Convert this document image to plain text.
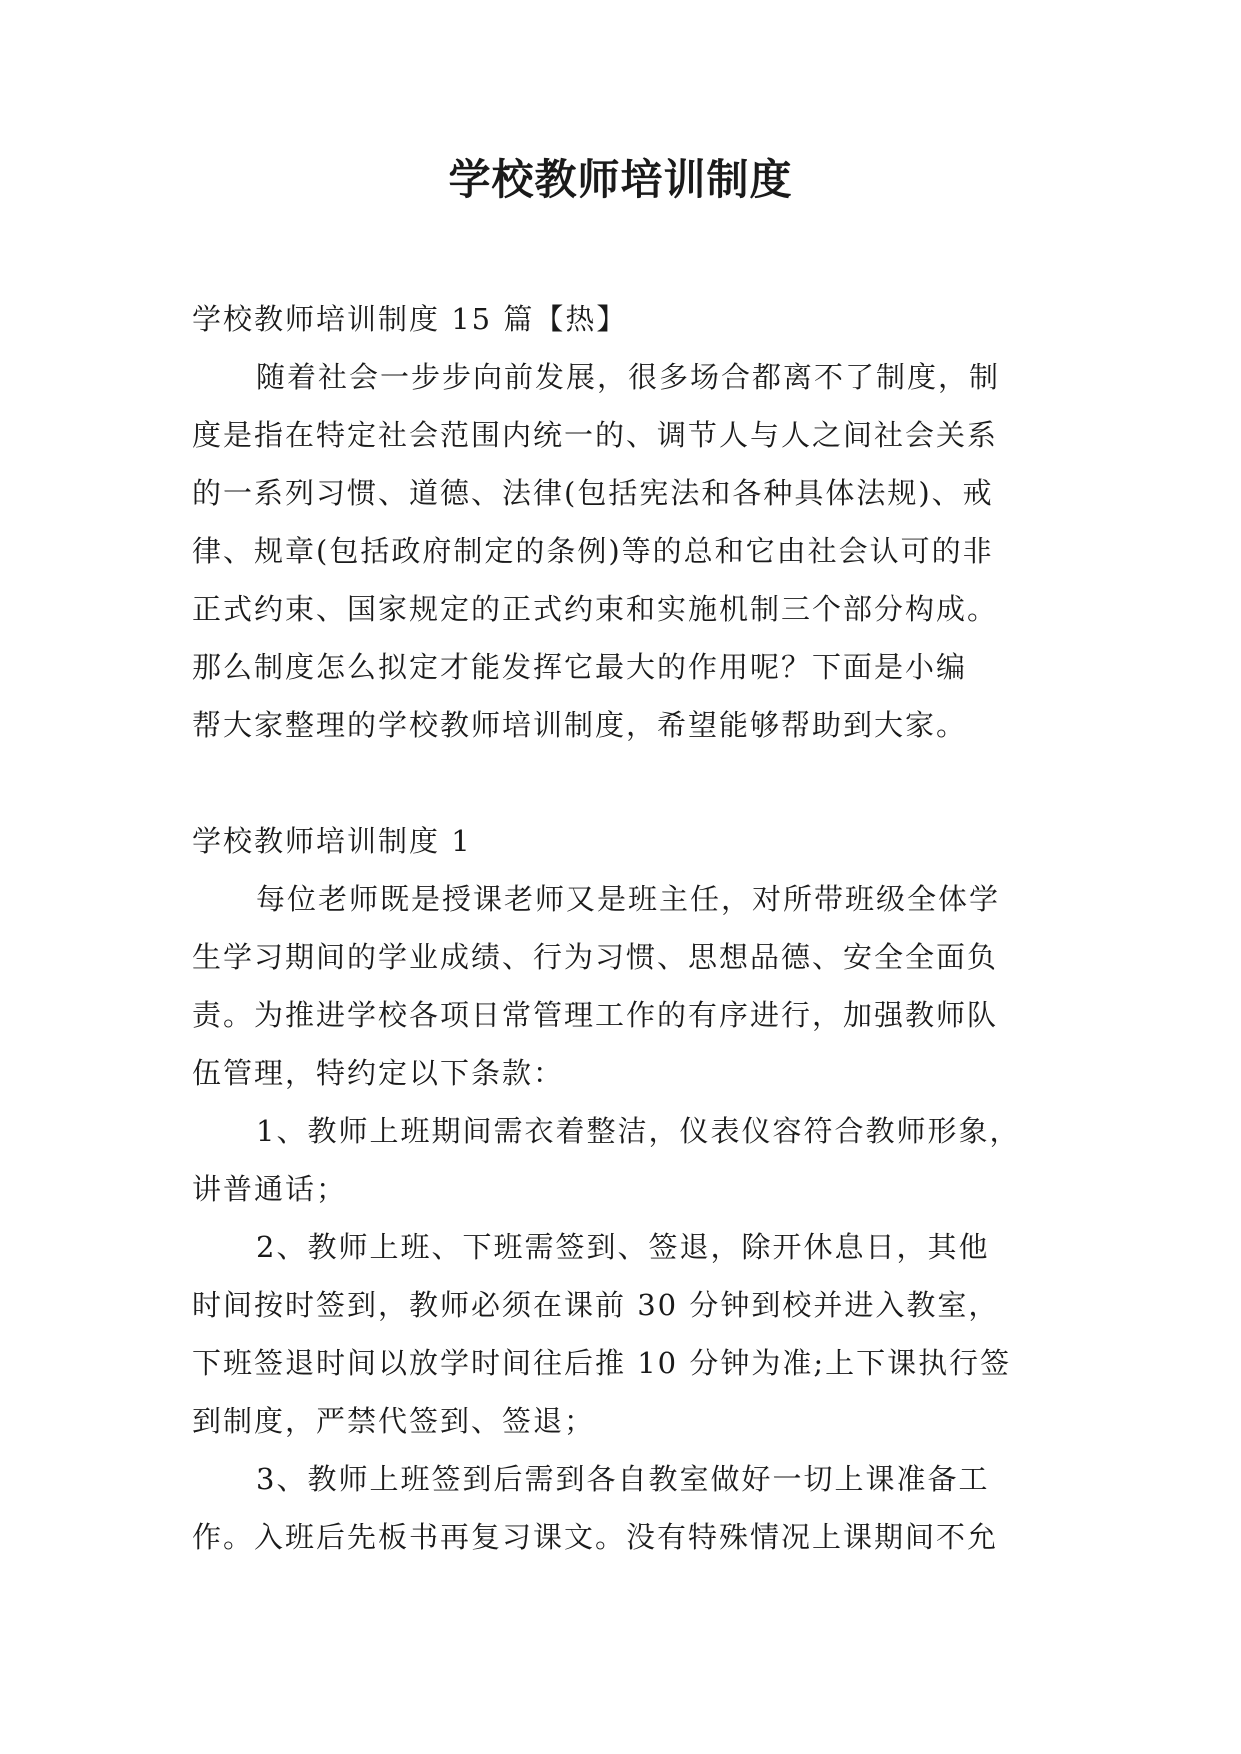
学校教师培训制度

学校教师培训制度 15 篇【热】

随着社会一步步向前发展，很多场合都离不了制度，制

度是指在特定社会范围内统一的、调节人与人之间社会关系

的一系列习惯、道德、法律(包括宪法和各种具体法规)、戒

律、规章(包括政府制定的条例)等的总和它由社会认可的非

正式约束、国家规定的正式约束和实施机制三个部分构成。

那么制度怎么拟定才能发挥它最大的作用呢？下面是小编

帮大家整理的学校教师培训制度，希望能够帮助到大家。

学校教师培训制度 1

每位老师既是授课老师又是班主任，对所带班级全体学

生学习期间的学业成绩、行为习惯、思想品德、安全全面负

责。为推进学校各项日常管理工作的有序进行，加强教师队

伍管理，特约定以下条款：

1、教师上班期间需衣着整洁，仪表仪容符合教师形象，

讲普通话；

2、教师上班、下班需签到、签退，除开休息日，其他

时间按时签到，教师必须在课前 30 分钟到校并进入教室，

下班签退时间以放学时间往后推 10 分钟为准;上下课执行签

到制度，严禁代签到、签退；

3、教师上班签到后需到各自教室做好一切上课准备工

作。入班后先板书再复习课文。没有特殊情况上课期间不允
